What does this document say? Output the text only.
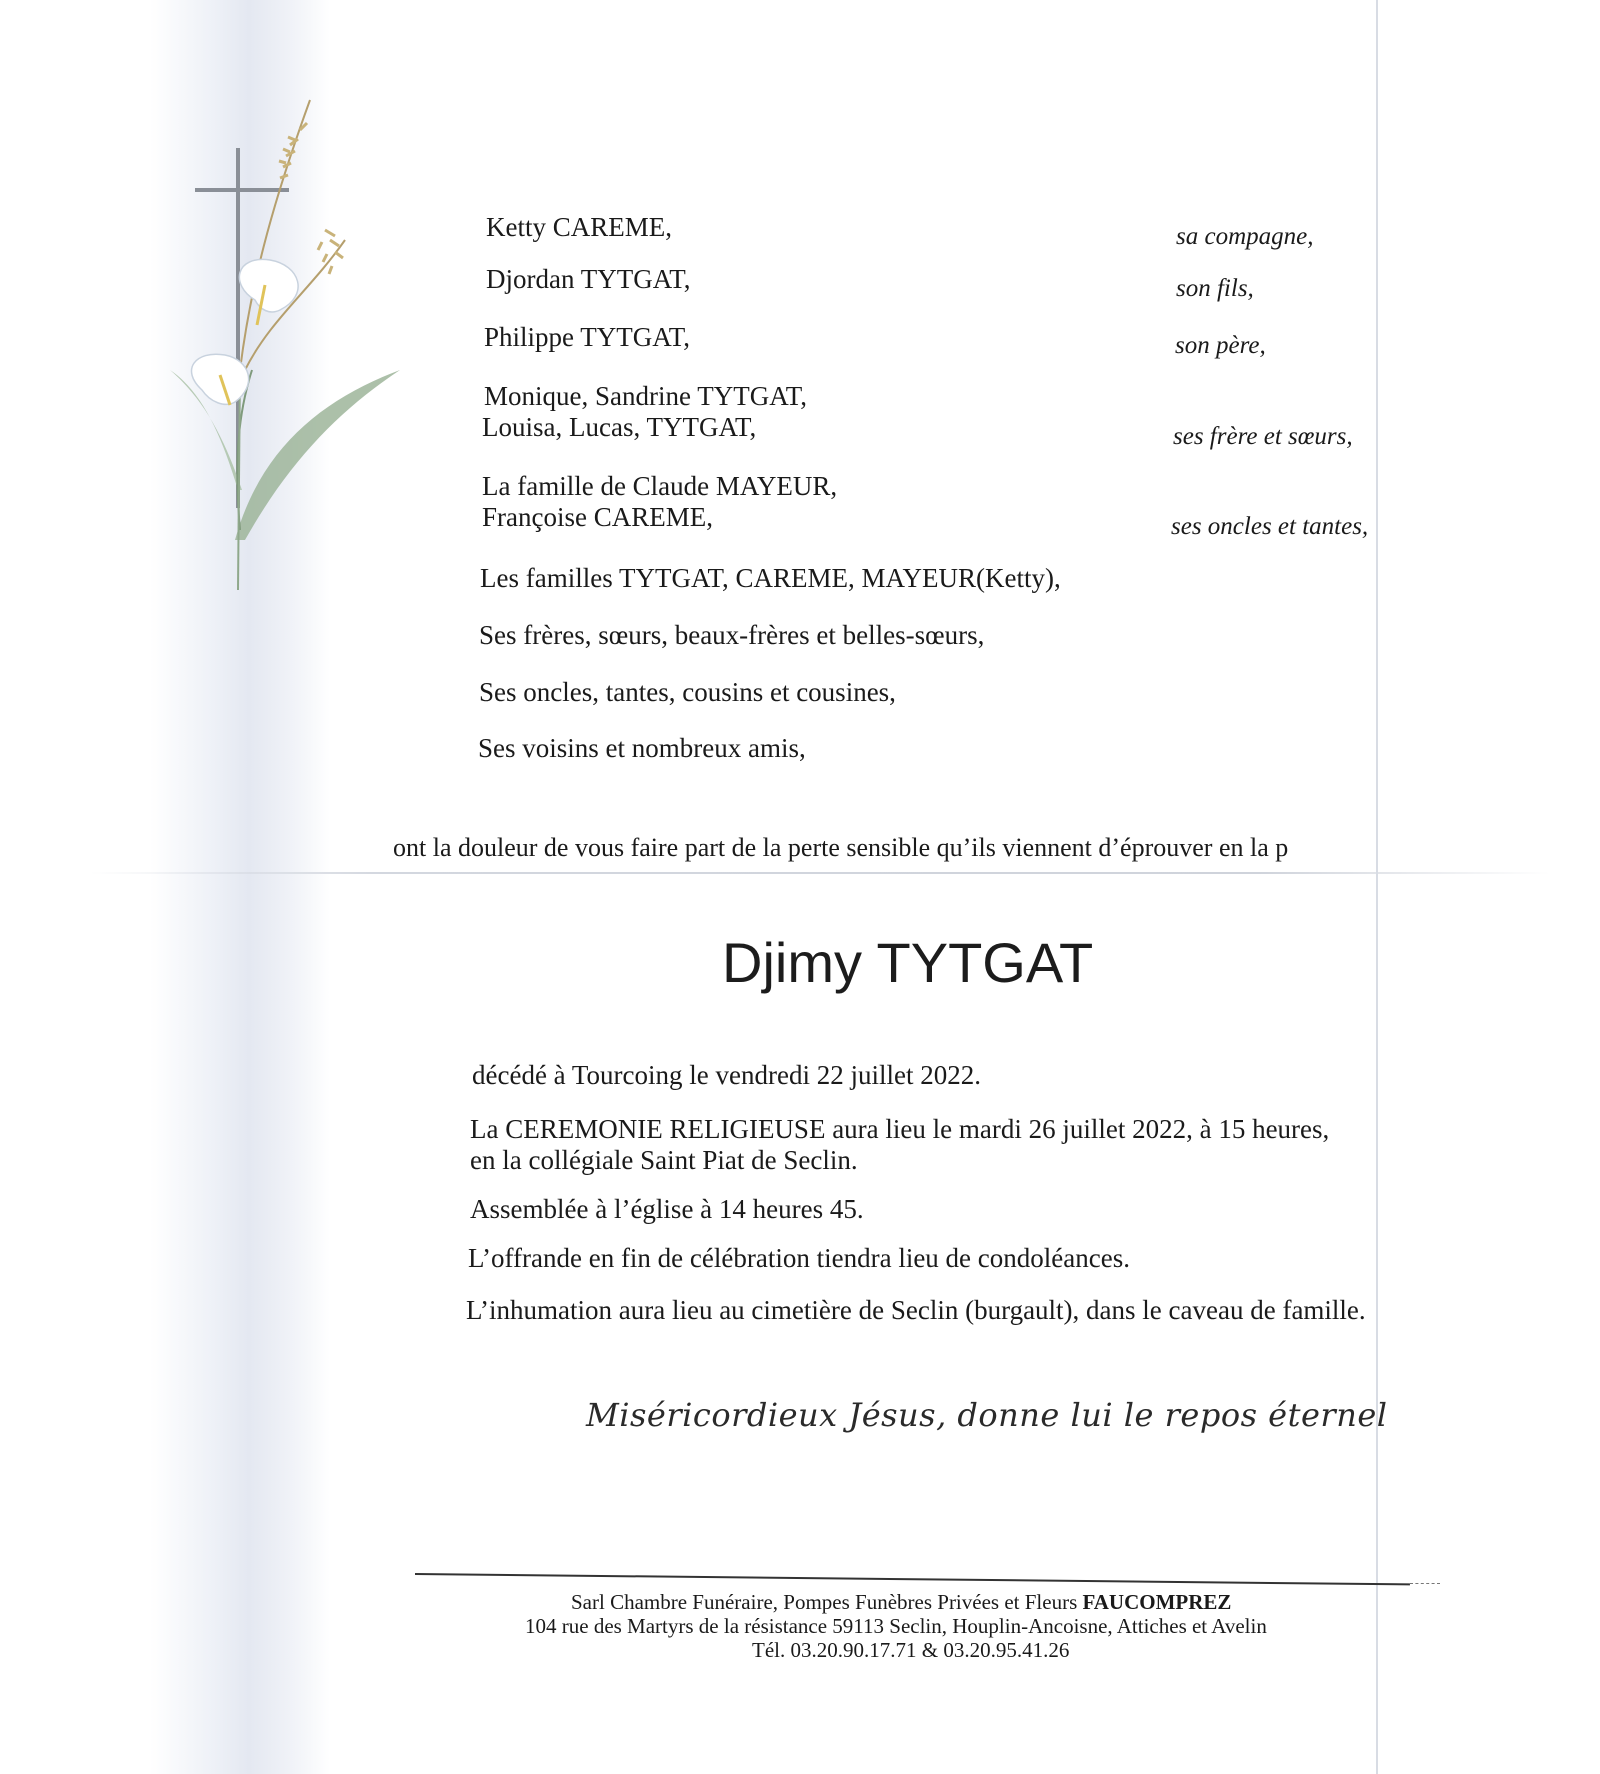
Ketty CAREME,
Djordan TYTGAT,
Philippe TYTGAT,
Monique, Sandrine TYTGAT,
Louisa, Lucas, TYTGAT,
La famille de Claude MAYEUR,
Françoise CAREME,
Les familles TYTGAT, CAREME, MAYEUR(Ketty),
Ses frères, sœurs, beaux-frères et belles-sœurs,
Ses oncles, tantes, cousins et cousines,
Ses voisins et nombreux amis,
sa compagne,
son fils,
son père,
ses frère et sœurs,
ses oncles et tantes,
ont la douleur de vous faire part de la perte sensible qu’ils viennent d’éprouver en la p
Djimy TYTGAT
décédé à Tourcoing le vendredi 22 juillet 2022.
La CEREMONIE RELIGIEUSE aura lieu le mardi 26 juillet 2022, à 15 heures,
en la collégiale Saint Piat de Seclin.
Assemblée à l’église à 14 heures 45.
L’offrande en fin de célébration tiendra lieu de condoléances.
L’inhumation aura lieu au cimetière de Seclin (burgault), dans le caveau de famille.
Miséricordieux Jésus, donne lui le repos éternel
Sarl Chambre Funéraire, Pompes Funèbres Privées et Fleurs FAUCOMPREZ
104 rue des Martyrs de la résistance 59113 Seclin, Houplin-Ancoisne, Attiches et Avelin
Tél. 03.20.90.17.71 & 03.20.95.41.26
